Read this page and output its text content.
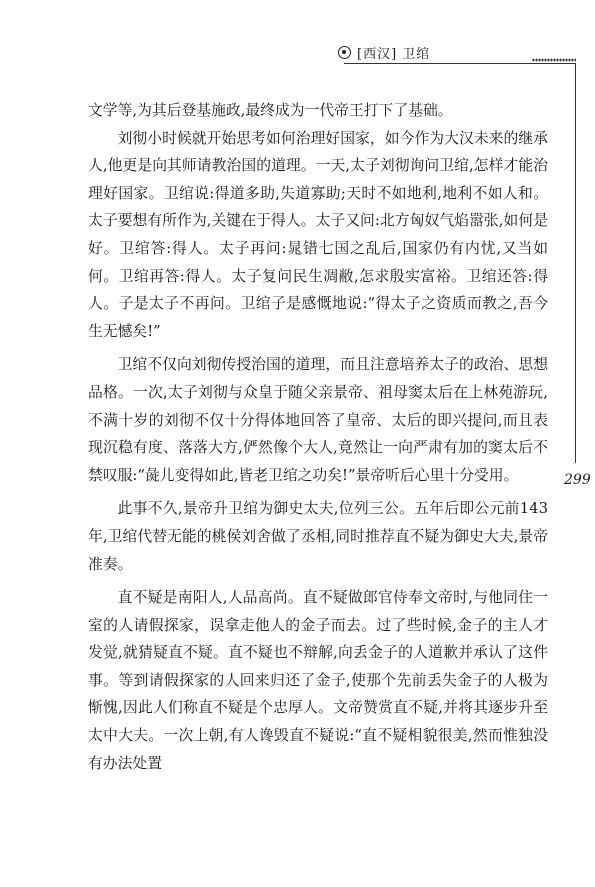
[西汉] 卫绾
299

文学等,为其后登基施政,最终成为一代帝王打下了基础。

刘彻小时候就开始思考如何治理好国家，如今作为大汉未来的继承人,他更是向其师请教治国的道理。一天,太子刘彻询问卫绾,怎样才能治理好国家。卫绾说:得道多助,失道寡助;天时不如地利,地利不如人和。太子要想有所作为,关键在于得人。太子又问:北方匈奴气焰嚣张,如何是好。卫绾答:得人。太子再问:晁错七国之乱后,国家仍有内忧,又当如何。卫绾再答:得人。太子复问民生凋敝,怎求殷实富裕。卫绾还答:得人。子是太子不再问。卫绾子是感慨地说:“得太子之资质而教之,吾今生无憾矣!”

卫绾不仅向刘彻传授治国的道理，而且注意培养太子的政治、思想品格。一次,太子刘彻与众皇于随父亲景帝、祖母窦太后在上林苑游玩,不满十岁的刘彻不仅十分得体地回答了皇帝、太后的即兴提问,而且表现沉稳有度、落落大方,俨然像个大人,竟然让一向严肃有加的窦太后不禁叹服:“彘儿变得如此,皆老卫绾之功矣!”景帝听后心里十分受用。

此事不久,景帝升卫绾为御史太夫,位列三公。五年后即公元前143年,卫绾代替无能的桃侯刘舍做了丞相,同时推荐直不疑为御史大夫,景帝准奏。

直不疑是南阳人,人品高尚。直不疑做郎官侍奉文帝时,与他同住一室的人请假探家，误拿走他人的金子而去。过了些时候,金子的主人才发觉,就猜疑直不疑。直不疑也不辩解,向丢金子的人道歉并承认了这件事。等到请假探家的人回来归还了金子,使那个先前丢失金子的人极为惭愧,因此人们称直不疑是个忠厚人。文帝赞赏直不疑,并将其逐步升至太中大夫。一次上朝,有人谗毁直不疑说:“直不疑相貌很美,然而惟独没有办法处置
